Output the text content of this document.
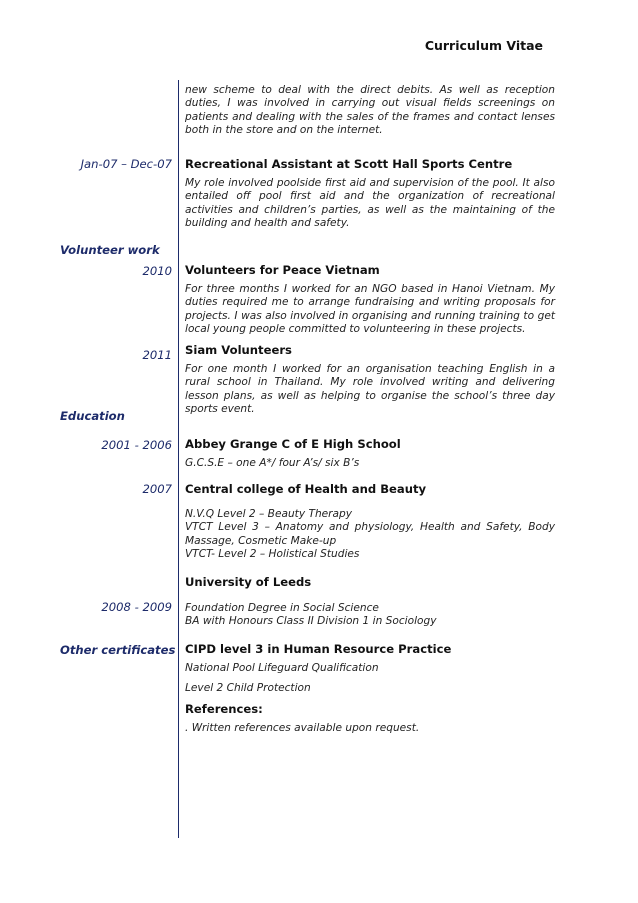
Curriculum Vitae
new scheme to deal with the direct debits. As well as reception duties, I was involved in carrying out visual fields screenings on patients and dealing with the sales of the frames and contact lenses both in the store and on the internet.
Jan-07 – Dec-07 Recreational Assistant at Scott Hall Sports Centre
My role involved poolside first aid and supervision of the pool. It also entailed off pool first aid and the organization of recreational activities and children’s parties, as well as the maintaining of the building and health and safety.
Volunteer work
2010 Volunteers for Peace Vietnam
For three months I worked for an NGO based in Hanoi Vietnam. My duties required me to arrange fundraising and writing proposals for projects. I was also involved in organising and running training to get local young people committed to volunteering in these projects.
2011 Siam Volunteers
For one month I worked for an organisation teaching English in a rural school in Thailand. My role involved writing and delivering lesson plans, as well as helping to organise the school’s three day sports event.
Education
2001 - 2006 Abbey Grange C of E High School
G.C.S.E – one A*/ four A’s/ six B’s
2007 Central college of Health and Beauty
N.V.Q Level 2 – Beauty Therapy
VTCT Level 3 – Anatomy and physiology, Health and Safety, Body Massage, Cosmetic Make-up
VTCT- Level 2 – Holistical Studies
University of Leeds
2008 - 2009 Foundation Degree in Social Science
BA with Honours Class II Division 1 in Sociology
Other certificates CIPD level 3 in Human Resource Practice
National Pool Lifeguard Qualification
Level 2 Child Protection
References:
. Written references available upon request.
